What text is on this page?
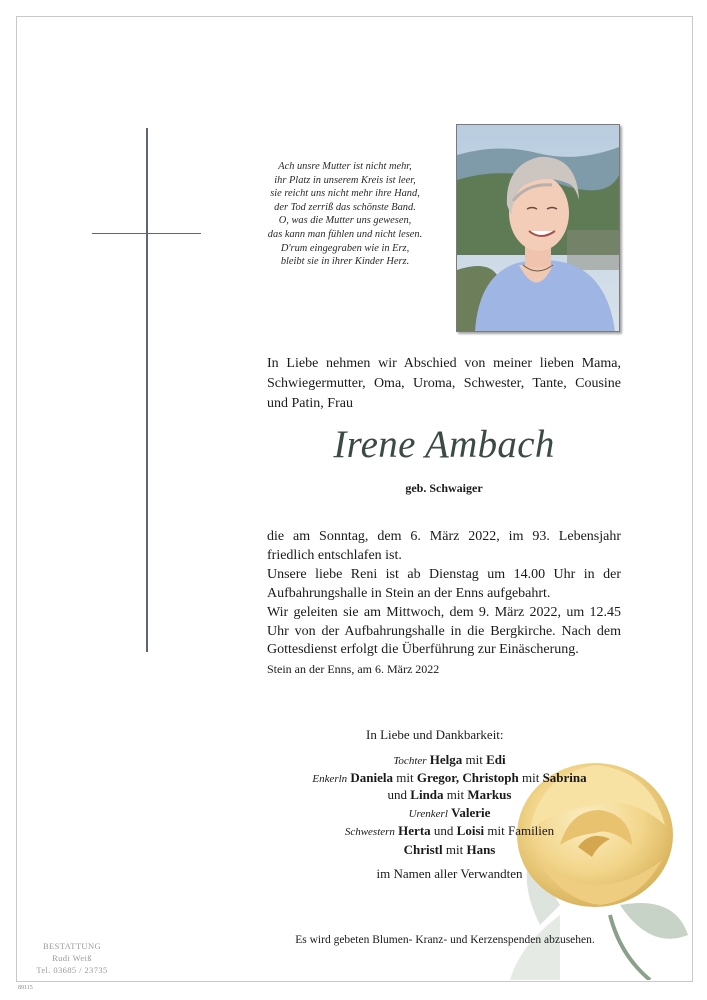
Ach unsre Mutter ist nicht mehr,
ihr Platz in unserem Kreis ist leer,
sie reicht uns nicht mehr ihre Hand,
der Tod zerriß das schönste Band.
O, was die Mutter uns gewesen,
das kann man fühlen und nicht lesen.
D'rum eingegraben wie in Erz,
bleibt sie in ihrer Kinder Herz.
In Liebe nehmen wir Abschied von meiner lieben Mama, Schwiegermutter, Oma, Uroma, Schwester, Tante, Cousine und Patin, Frau
Irene Ambach
geb. Schwaiger
die am Sonntag, dem 6. März 2022, im 93. Lebensjahr friedlich entschlafen ist.
Unsere liebe Reni ist ab Dienstag um 14.00 Uhr in der Aufbahrungshalle in Stein an der Enns aufgebahrt.
Wir geleiten sie am Mittwoch, dem 9. März 2022, um 12.45 Uhr von der Aufbahrungshalle in die Bergkirche. Nach dem Gottesdienst erfolgt die Überführung zur Einäscherung.
Stein an der Enns, am 6. März 2022
In Liebe und Dankbarkeit:
Tochter Helga mit Edi
Enkerln Daniela mit Gregor, Christoph mit Sabrina
und Linda mit Markus
Urenkerl Valerie
Schwestern Herta und Loisi mit Familien
Christl mit Hans
im Namen aller Verwandten
Es wird gebeten Blumen- Kranz- und Kerzenspenden abzusehen.
BESTATTUNG
Rudi Weiß
Tel. 03685 / 23735
89115
